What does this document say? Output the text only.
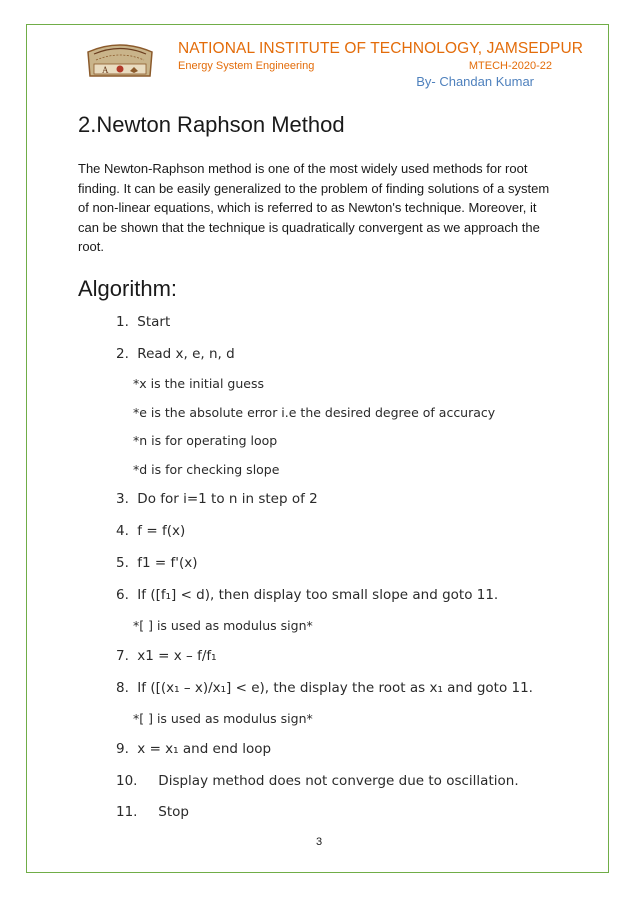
A
NATIONAL INSTITUTE OF TECHNOLOGY, JAMSEDPUR
Energy System Engineering	MTECH-2020-22
By- Chandan Kumar
2.Newton Raphson Method
The Newton-Raphson method is one of the most widely used methods for root
finding. It can be easily generalized to the problem of finding solutions of a system
of non-linear equations, which is referred to as Newton's technique. Moreover, it
can be shown that the technique is quadratically convergent as we approach the
root.
Algorithm:
1. Start
2. Read x, e, n, d
*x is the initial guess
*e is the absolute error i.e the desired degree of accuracy
*n is for operating loop
*d is for checking slope
3. Do for i=1 to n in step of 2
4. f = f(x)
5. f1 = f'(x)
6. If ([f₁] < d), then display too small slope and goto 11.
*[ ] is used as modulus sign*
7. x1 = x – f/f₁
8. If ([(x₁ – x)/x₁] < e), the display the root as x₁ and goto 11.
*[ ] is used as modulus sign*
9. x = x₁ and end loop
10. Display method does not converge due to oscillation.
11. Stop
3
